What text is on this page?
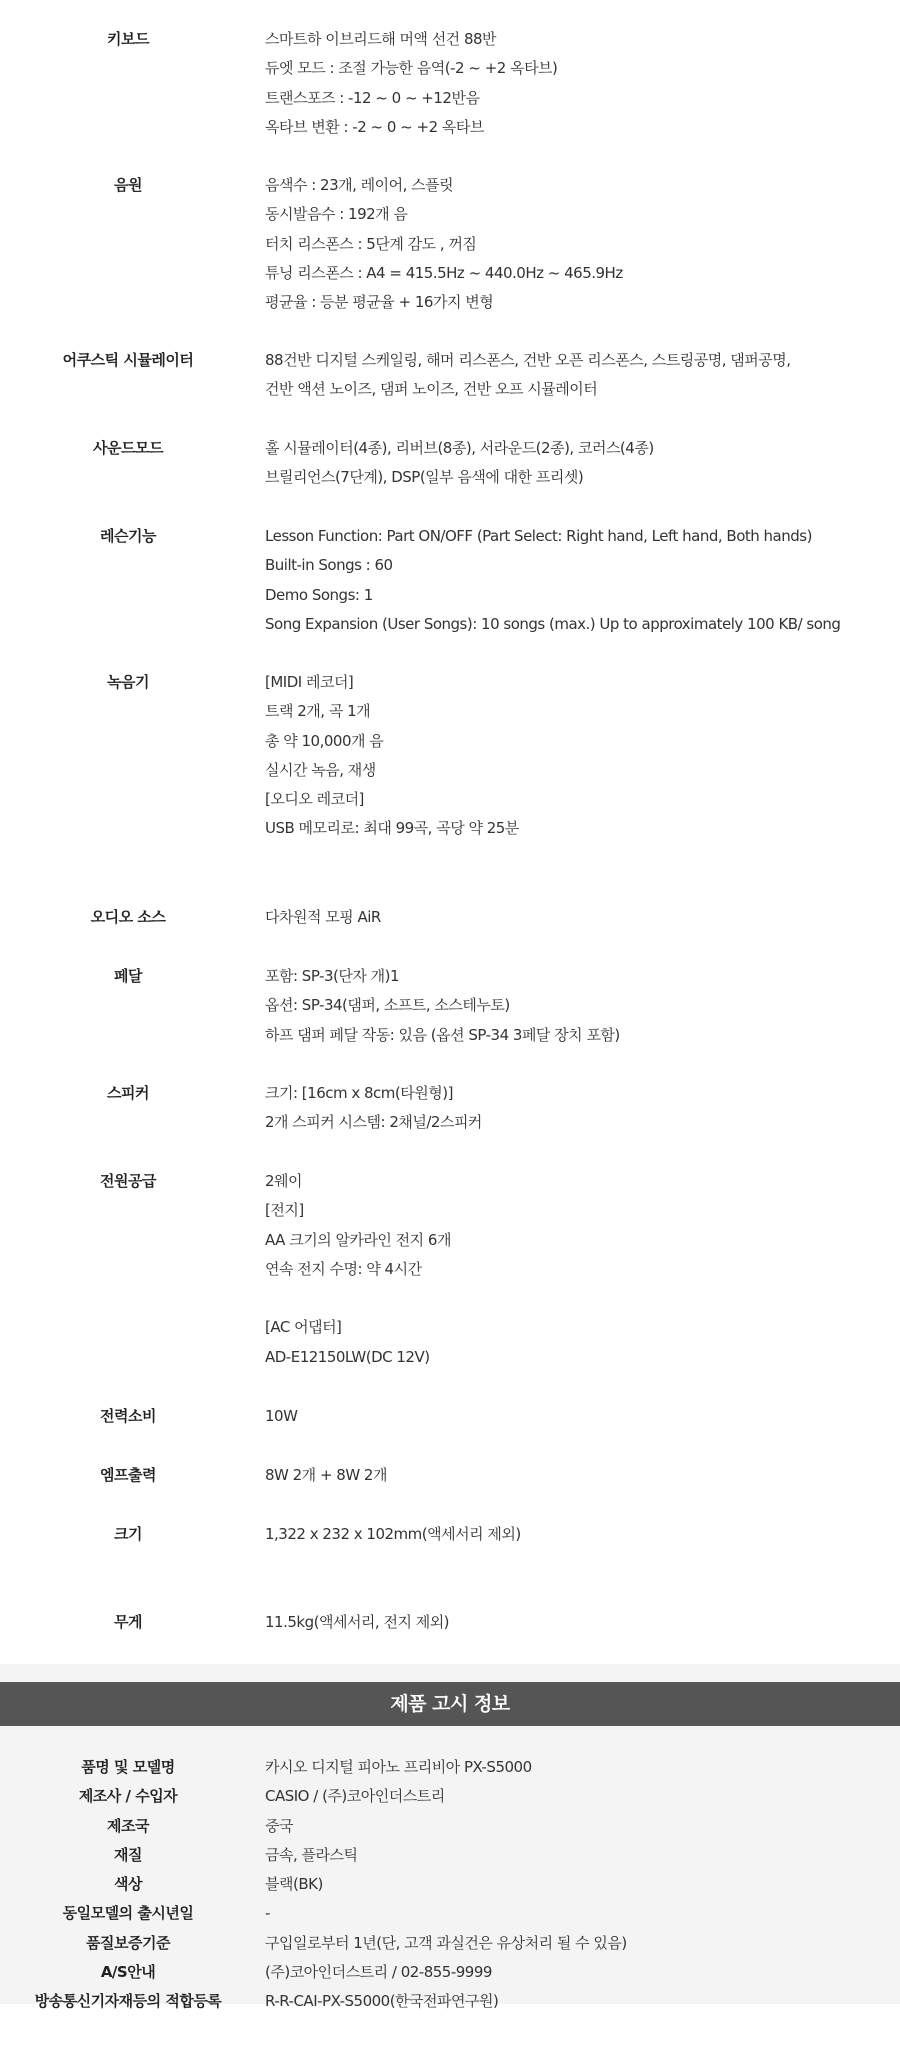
키보드	스마트하 이브리드해 머액 선건 88반
듀엣 모드 : 조절 가능한 음역(-2 ~ +2 옥타브)
트랜스포즈 : -12 ~ 0 ~ +12반음
옥타브 변환 : -2 ~ 0 ~ +2 옥타브
음원	음색수 : 23개, 레이어, 스플릿
동시발음수 : 192개 음
터치 리스폰스 : 5단계 감도 , 꺼짐
튜닝 리스폰스 : A4 = 415.5Hz ~ 440.0Hz ~ 465.9Hz
평균율 : 등분 평균율 + 16가지 변형
어쿠스틱 시뮬레이터	88건반 디지털 스케일링, 해머 리스폰스, 건반 오픈 리스폰스, 스트링공명, 댐퍼공명,
건반 액션 노이즈, 댐퍼 노이즈, 건반 오프 시뮬레이터
사운드모드	홀 시뮬레이터(4종), 리버브(8종), 서라운드(2종), 코러스(4종)
브릴리언스(7단계), DSP(일부 음색에 대한 프리셋)
레슨기능	Lesson Function: Part ON/OFF (Part Select: Right hand, Left hand, Both hands)
Built-in Songs : 60
Demo Songs: 1
Song Expansion (User Songs): 10 songs (max.) Up to approximately 100 KB/ song
녹음기	[MIDI 레코더]
트랙 2개, 곡 1개
총 약 10,000개 음
실시간 녹음, 재생
[오디오 레코더]
USB 메모리로: 최대 99곡, 곡당 약 25분
오디오 소스	다차원적 모핑 AiR
페달	포함: SP-3(단자 개)1
옵션: SP-34(댐퍼, 소프트, 소스테누토)
하프 댐퍼 페달 작동: 있음 (옵션 SP-34 3페달 장치 포함)
스피커	크기: [16cm x 8cm(타원형)]
2개 스피커 시스템: 2채널/2스피커
전원공급	2웨이
[전지]
AA 크기의 알카라인 전지 6개
연속 전지 수명: 약 4시간

[AC 어댑터]
AD-E12150LW(DC 12V)
전력소비	10W
엠프출력	8W 2개 + 8W 2개
크기	1,322 x 232 x 102mm(액세서리 제외)
무게	11.5kg(액세서리, 전지 제외)
제품 고시 정보
품명 및 모델명	카시오 디지털 피아노 프리비아 PX-S5000
제조사 / 수입자	CASIO / (주)코아인더스트리
제조국	중국
재질	금속, 플라스틱
색상	블랙(BK)
동일모델의 출시년일	-
품질보증기준	구입일로부터 1년(단, 고객 과실건은 유상처리 될 수 있음)
A/S안내	(주)코아인더스트리 / 02-855-9999
방송통신기자재등의 적합등록	R-R-CAI-PX-S5000(한국전파연구원)
